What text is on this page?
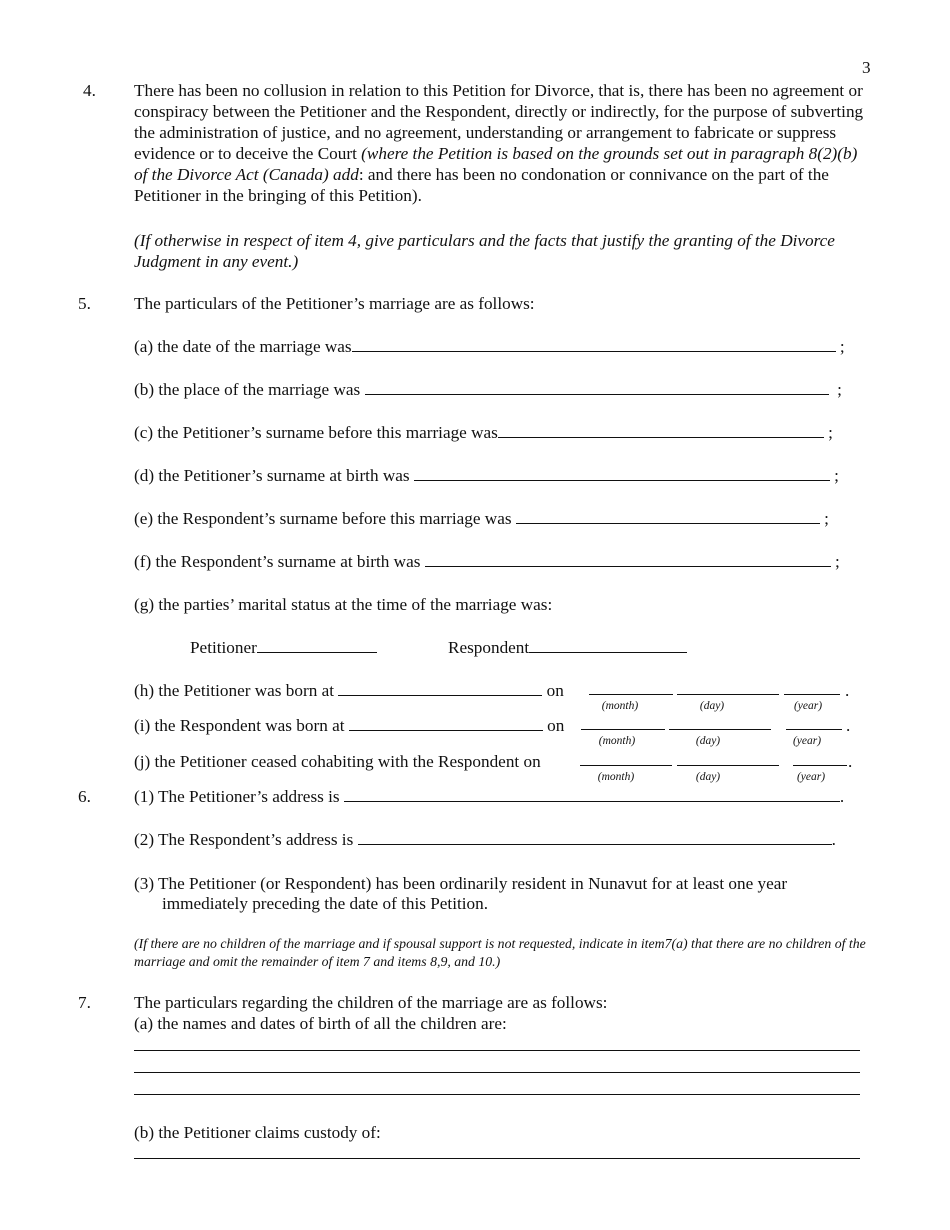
3
4. There has been no collusion in relation to this Petition for Divorce, that is, there has been no agreement or conspiracy between the Petitioner and the Respondent, directly or indirectly, for the purpose of subverting the administration of justice, and no agreement, understanding or arrangement to fabricate or suppress evidence or to deceive the Court (where the Petition is based on the grounds set out in paragraph 8(2)(b) of the Divorce Act (Canada) add: and there has been no condonation or connivance on the part of the Petitioner in the bringing of this Petition).
(If otherwise in respect of item 4, give particulars and the facts that justify the granting of the Divorce Judgment in any event.)
5.	The particulars of the Petitioner’s marriage are as follows:
(a) the date of the marriage was	;
(b) the place of the marriage was	;
(c) the Petitioner’s surname before this marriage was	;
(d) the Petitioner’s surname at birth was	;
(e) the Respondent’s surname before this marriage was	;
(f) the Respondent’s surname at birth was	;
(g) the parties’ marital status at the time of the marriage was:
Petitioner	Respondent
(h) the Petitioner was born at	on	.
(month)	(day)	(year)
(i) the Respondent was born at	on	.
(month)	(day)	(year)
(j) the Petitioner ceased cohabiting with the Respondent on	.
(month)	(day)	(year)
6.	(1) The Petitioner’s address is	.
(2) The Respondent’s address is	.
(3) The Petitioner (or Respondent) has been ordinarily resident in Nunavut for at least one year
immediately preceding the date of this Petition.
(If there are no children of the marriage and if spousal support is not requested, indicate in item7(a) that there are no children of the marriage and omit the remainder of item 7 and items 8,9, and 10.)
7.	The particulars regarding the children of the marriage are as follows:
(a) the names and dates of birth of all the children are:
(b) the Petitioner claims custody of:
